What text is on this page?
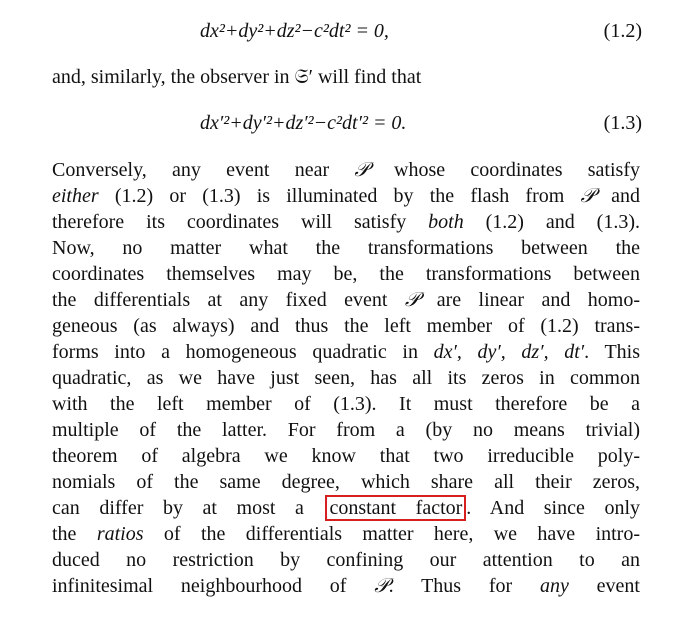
dx²+dy²+dz²−c²dt² = 0,	(1.2)
and, similarly, the observer in 𝔖′ will find that
dx′²+dy′²+dz′²−c²dt′² = 0.	(1.3)
Conversely, any event near 𝒫 whose coordinates satisfy
either (1.2) or (1.3) is illuminated by the flash from 𝒫 and
therefore its coordinates will satisfy both (1.2) and (1.3).
Now, no matter what the transformations between the
coordinates themselves may be, the transformations between
the differentials at any fixed event 𝒫 are linear and homo-
geneous (as always) and thus the left member of (1.2) trans-
forms into a homogeneous quadratic in dx′, dy′, dz′, dt′. This
quadratic, as we have just seen, has all its zeros in common
with the left member of (1.3). It must therefore be a
multiple of the latter. For from a (by no means trivial)
theorem of algebra we know that two irreducible poly-
nomials of the same degree, which share all their zeros,
can differ by at most a constant factor . And since only
the ratios of the differentials matter here, we have intro-
duced no restriction by confining our attention to an
infinitesimal neighbourhood of 𝒫. Thus for any event
